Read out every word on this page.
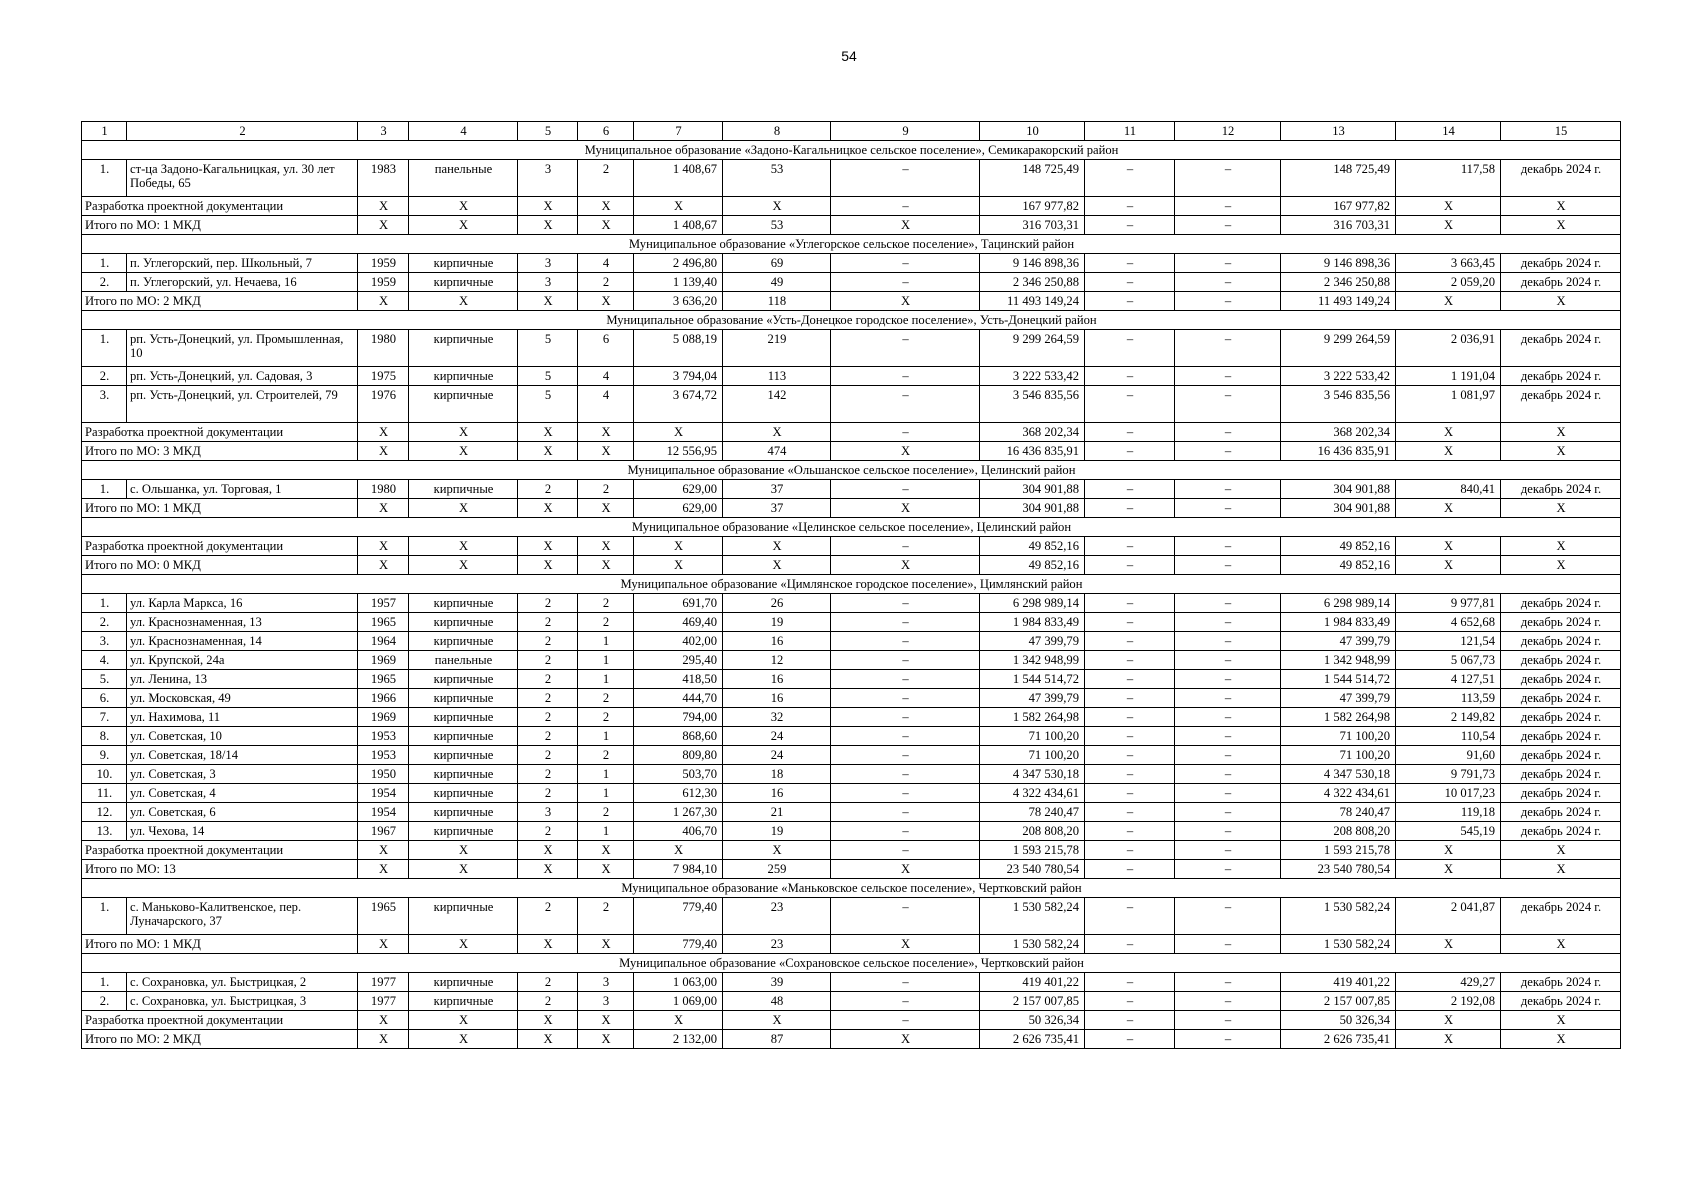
54
1	2	3	4	5	6	7	8	9	10	11	12	13	14	15
Муниципальное образование «Задоно-Кагальницкое сельское поселение», Семикаракорский район														
1.	ст-ца Задоно-Кагальницкая, ул. 30 лет Победы, 65	1983	панельные	3	2	1 408,67	53	–	148 725,49	–	–	148 725,49	117,58	декабрь 2024 г.
Разработка проектной документации		X	X	X	X	X	X	–	167 977,82	–	–	167 977,82	X	X
Итого по МО: 1 МКД		X	X	X	X	1 408,67	53	X	316 703,31	–	–	316 703,31	X	X
Муниципальное образование «Углегорское сельское поселение», Тацинский район														
1.	п. Углегорский, пер. Школьный, 7	1959	кирпичные	3	4	2 496,80	69	–	9 146 898,36	–	–	9 146 898,36	3 663,45	декабрь 2024 г.
2.	п. Углегорский, ул. Нечаева, 16	1959	кирпичные	3	2	1 139,40	49	–	2 346 250,88	–	–	2 346 250,88	2 059,20	декабрь 2024 г.
Итого по МО: 2 МКД		X	X	X	X	3 636,20	118	X	11 493 149,24	–	–	11 493 149,24	X	X
Муниципальное образование «Усть-Донецкое городское поселение», Усть-Донецкий район														
1.	рп. Усть-Донецкий, ул. Промышленная, 10	1980	кирпичные	5	6	5 088,19	219	–	9 299 264,59	–	–	9 299 264,59	2 036,91	декабрь 2024 г.
2.	рп. Усть-Донецкий, ул. Садовая, 3	1975	кирпичные	5	4	3 794,04	113	–	3 222 533,42	–	–	3 222 533,42	1 191,04	декабрь 2024 г.
3.	рп. Усть-Донецкий, ул. Строителей, 79	1976	кирпичные	5	4	3 674,72	142	–	3 546 835,56	–	–	3 546 835,56	1 081,97	декабрь 2024 г.
Разработка проектной документации		X	X	X	X	X	X	–	368 202,34	–	–	368 202,34	X	X
Итого по МО: 3 МКД		X	X	X	X	12 556,95	474	X	16 436 835,91	–	–	16 436 835,91	X	X
Муниципальное образование «Ольшанское сельское поселение», Целинский район														
1.	с. Ольшанка, ул. Торговая, 1	1980	кирпичные	2	2	629,00	37	–	304 901,88	–	–	304 901,88	840,41	декабрь 2024 г.
Итого по МО: 1 МКД		X	X	X	X	629,00	37	X	304 901,88	–	–	304 901,88	X	X
Муниципальное образование «Целинское сельское поселение», Целинский район														
Разработка проектной документации		X	X	X	X	X	X	–	49 852,16	–	–	49 852,16	X	X
Итого по МО: 0 МКД		X	X	X	X	X	X	X	49 852,16	–	–	49 852,16	X	X
Муниципальное образование «Цимлянское городское поселение», Цимлянский район														
1.	ул. Карла Маркса, 16	1957	кирпичные	2	2	691,70	26	–	6 298 989,14	–	–	6 298 989,14	9 977,81	декабрь 2024 г.
2.	ул. Краснознаменная, 13	1965	кирпичные	2	2	469,40	19	–	1 984 833,49	–	–	1 984 833,49	4 652,68	декабрь 2024 г.
3.	ул. Краснознаменная, 14	1964	кирпичные	2	1	402,00	16	–	47 399,79	–	–	47 399,79	121,54	декабрь 2024 г.
4.	ул. Крупской, 24а	1969	панельные	2	1	295,40	12	–	1 342 948,99	–	–	1 342 948,99	5 067,73	декабрь 2024 г.
5.	ул. Ленина, 13	1965	кирпичные	2	1	418,50	16	–	1 544 514,72	–	–	1 544 514,72	4 127,51	декабрь 2024 г.
6.	ул. Московская, 49	1966	кирпичные	2	2	444,70	16	–	47 399,79	–	–	47 399,79	113,59	декабрь 2024 г.
7.	ул. Нахимова, 11	1969	кирпичные	2	2	794,00	32	–	1 582 264,98	–	–	1 582 264,98	2 149,82	декабрь 2024 г.
8.	ул. Советская, 10	1953	кирпичные	2	1	868,60	24	–	71 100,20	–	–	71 100,20	110,54	декабрь 2024 г.
9.	ул. Советская, 18/14	1953	кирпичные	2	2	809,80	24	–	71 100,20	–	–	71 100,20	91,60	декабрь 2024 г.
10.	ул. Советская, 3	1950	кирпичные	2	1	503,70	18	–	4 347 530,18	–	–	4 347 530,18	9 791,73	декабрь 2024 г.
11.	ул. Советская, 4	1954	кирпичные	2	1	612,30	16	–	4 322 434,61	–	–	4 322 434,61	10 017,23	декабрь 2024 г.
12.	ул. Советская, 6	1954	кирпичные	3	2	1 267,30	21	–	78 240,47	–	–	78 240,47	119,18	декабрь 2024 г.
13.	ул. Чехова, 14	1967	кирпичные	2	1	406,70	19	–	208 808,20	–	–	208 808,20	545,19	декабрь 2024 г.
Разработка проектной документации		X	X	X	X	X	X	–	1 593 215,78	–	–	1 593 215,78	X	X
Итого по МО: 13		X	X	X	X	7 984,10	259	X	23 540 780,54	–	–	23 540 780,54	X	X
Муниципальное образование «Маньковское сельское поселение», Чертковский район														
1.	с. Маньково-Калитвенское, пер. Луначарского, 37	1965	кирпичные	2	2	779,40	23	–	1 530 582,24	–	–	1 530 582,24	2 041,87	декабрь 2024 г.
Итого по МО: 1 МКД		X	X	X	X	779,40	23	X	1 530 582,24	–	–	1 530 582,24	X	X
Муниципальное образование «Сохрановское сельское поселение», Чертковский район														
1.	с. Сохрановка, ул. Быстрицкая, 2	1977	кирпичные	2	3	1 063,00	39	–	419 401,22	–	–	419 401,22	429,27	декабрь 2024 г.
2.	с. Сохрановка, ул. Быстрицкая, 3	1977	кирпичные	2	3	1 069,00	48	–	2 157 007,85	–	–	2 157 007,85	2 192,08	декабрь 2024 г.
Разработка проектной документации		X	X	X	X	X	X	–	50 326,34	–	–	50 326,34	X	X
Итого по МО: 2 МКД		X	X	X	X	2 132,00	87	X	2 626 735,41	–	–	2 626 735,41	X	X
